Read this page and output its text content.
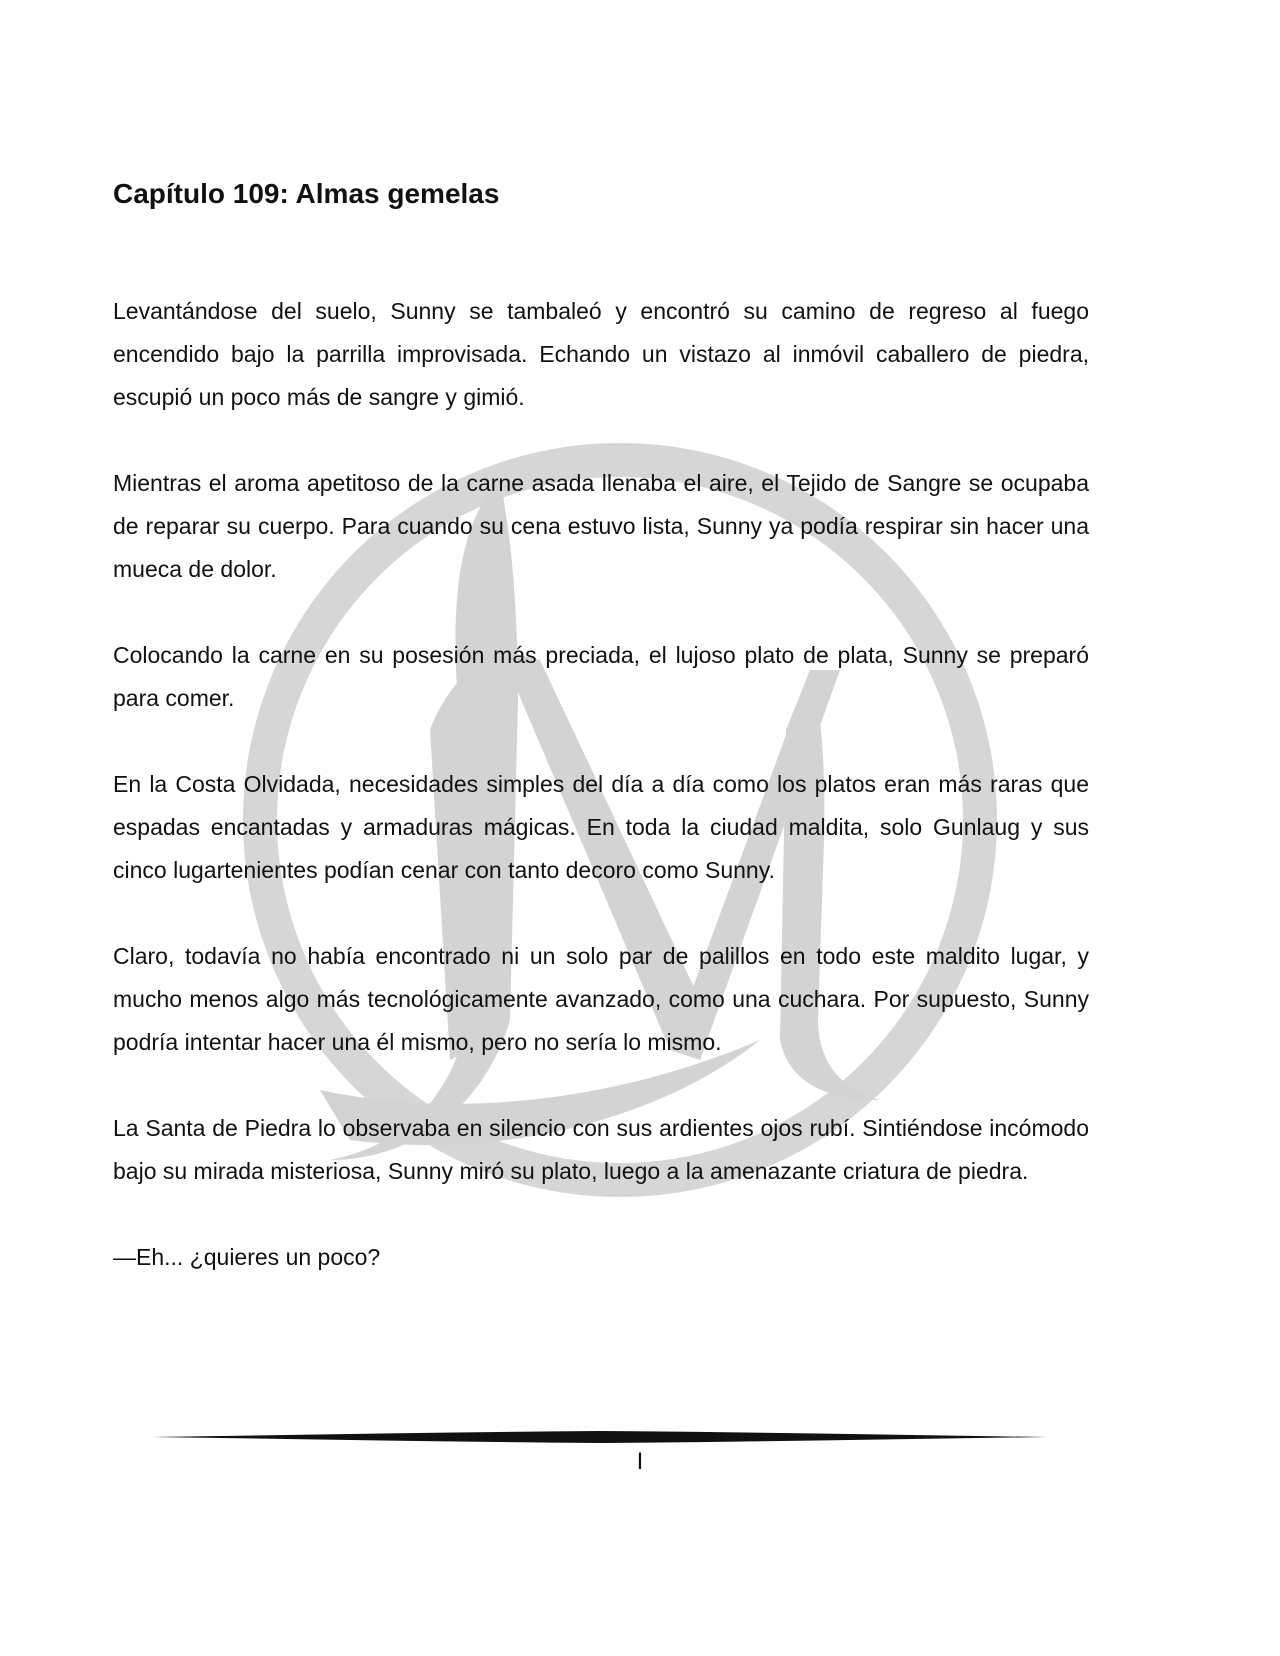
Capítulo 109: Almas gemelas

Levantándose del suelo, Sunny se tambaleó y encontró su camino de regreso al fuego encendido bajo la parrilla improvisada. Echando un vistazo al inmóvil caballero de piedra, escupió un poco más de sangre y gimió.

Mientras el aroma apetitoso de la carne asada llenaba el aire, el Tejido de Sangre se ocupaba de reparar su cuerpo. Para cuando su cena estuvo lista, Sunny ya podía respirar sin hacer una mueca de dolor.

Colocando la carne en su posesión más preciada, el lujoso plato de plata, Sunny se preparó para comer.

En la Costa Olvidada, necesidades simples del día a día como los platos eran más raras que espadas encantadas y armaduras mágicas. En toda la ciudad maldita, solo Gunlaug y sus cinco lugartenientes podían cenar con tanto decoro como Sunny.

Claro, todavía no había encontrado ni un solo par de palillos en todo este maldito lugar, y mucho menos algo más tecnológicamente avanzado, como una cuchara. Por supuesto, Sunny podría intentar hacer una él mismo, pero no sería lo mismo.

La Santa de Piedra lo observaba en silencio con sus ardientes ojos rubí. Sintiéndose incómodo bajo su mirada misteriosa, Sunny miró su plato, luego a la amenazante criatura de piedra.

—Eh... ¿quieres un poco?

I
